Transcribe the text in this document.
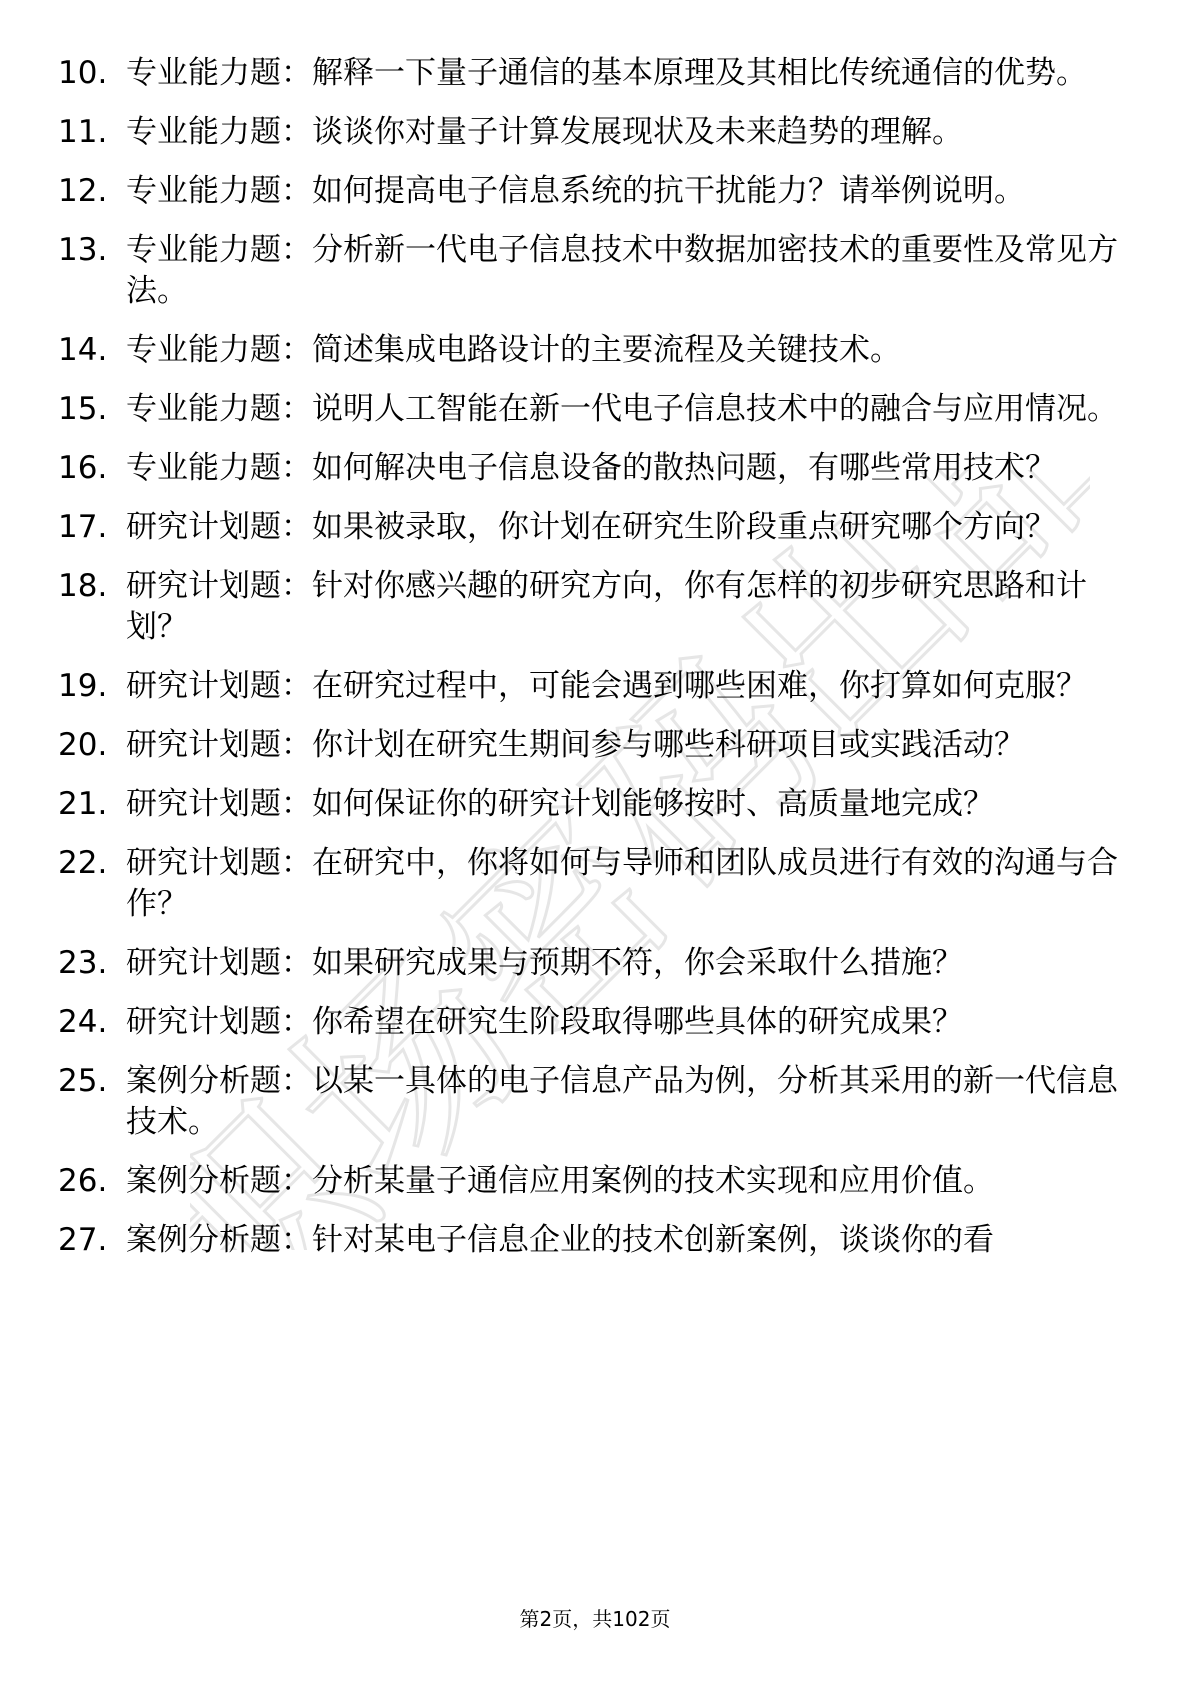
职场密码出品
10. 专业能力题：解释一下量子通信的基本原理及其相比传统通信的优势。
11. 专业能力题：谈谈你对量子计算发展现状及未来趋势的理解。
12. 专业能力题：如何提高电子信息系统的抗干扰能力？请举例说明。
13. 专业能力题：分析新一代电子信息技术中数据加密技术的重要性及常见方法。
14. 专业能力题：简述集成电路设计的主要流程及关键技术。
15. 专业能力题：说明人工智能在新一代电子信息技术中的融合与应用情况。
16. 专业能力题：如何解决电子信息设备的散热问题，有哪些常用技术？
17. 研究计划题：如果被录取，你计划在研究生阶段重点研究哪个方向？
18. 研究计划题：针对你感兴趣的研究方向，你有怎样的初步研究思路和计划？
19. 研究计划题：在研究过程中，可能会遇到哪些困难，你打算如何克服？
20. 研究计划题：你计划在研究生期间参与哪些科研项目或实践活动？
21. 研究计划题：如何保证你的研究计划能够按时、高质量地完成？
22. 研究计划题：在研究中，你将如何与导师和团队成员进行有效的沟通与合作？
23. 研究计划题：如果研究成果与预期不符，你会采取什么措施？
24. 研究计划题：你希望在研究生阶段取得哪些具体的研究成果？
25. 案例分析题：以某一具体的电子信息产品为例，分析其采用的新一代信息技术。
26. 案例分析题：分析某量子通信应用案例的技术实现和应用价值。
27. 案例分析题：针对某电子信息企业的技术创新案例，谈谈你的看
第2页，共102页
